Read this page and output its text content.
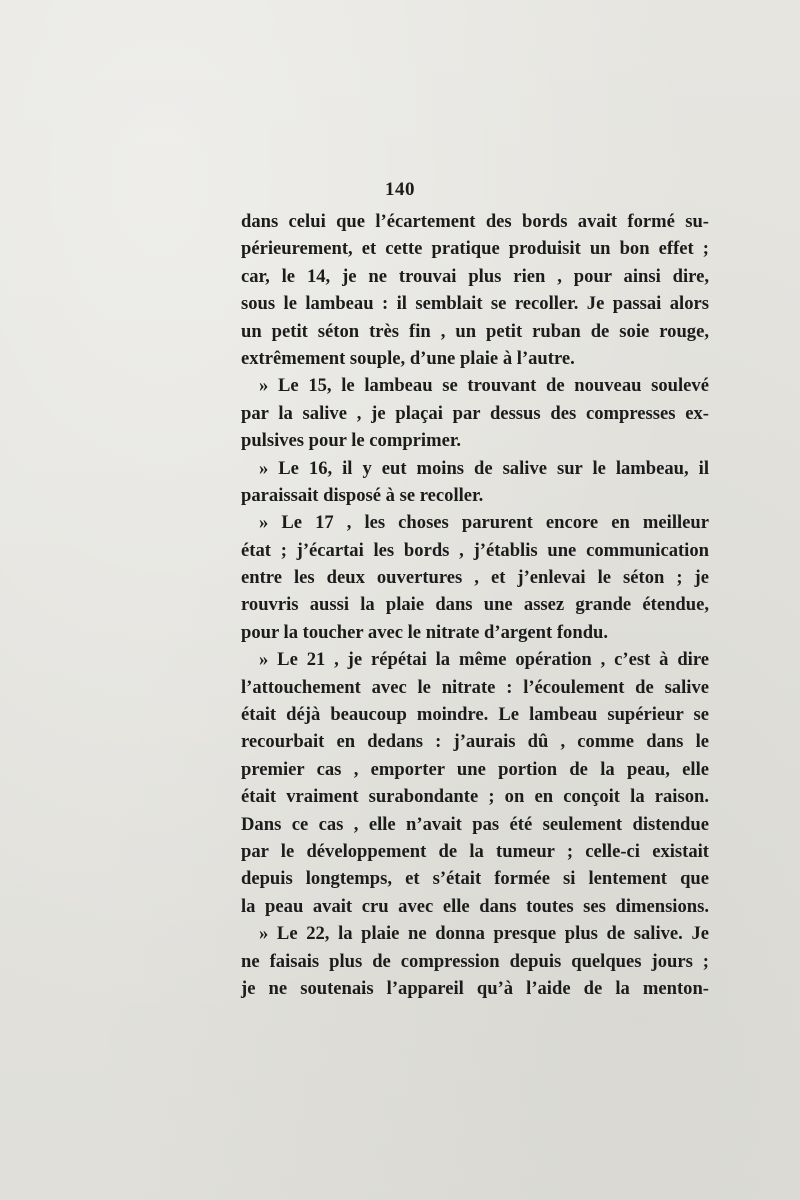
140
dans celui que l’écartement des bords avait formé su-
périeurement, et cette pratique produisit un bon effet ;
car, le 14, je ne trouvai plus rien , pour ainsi dire,
sous le lambeau : il semblait se recoller. Je passai alors
un petit séton très fin , un petit ruban de soie rouge,
extrêmement souple, d’une plaie à l’autre.
» Le 15, le lambeau se trouvant de nouveau soulevé
par la salive , je plaçai par dessus des compresses ex-
pulsives pour le comprimer.
» Le 16, il y eut moins de salive sur le lambeau, il
paraissait disposé à se recoller.
» Le 17 , les choses parurent encore en meilleur
état ; j’écartai les bords , j’établis une communication
entre les deux ouvertures , et j’enlevai le séton ; je
rouvris aussi la plaie dans une assez grande étendue,
pour la toucher avec le nitrate d’argent fondu.
» Le 21 , je répétai la même opération , c’est à dire
l’attouchement avec le nitrate : l’écoulement de salive
était déjà beaucoup moindre. Le lambeau supérieur se
recourbait en dedans : j’aurais dû , comme dans le
premier cas , emporter une portion de la peau, elle
était vraiment surabondante ; on en conçoit la raison.
Dans ce cas , elle n’avait pas été seulement distendue
par le développement de la tumeur ; celle-ci existait
depuis longtemps, et s’était formée si lentement que
la peau avait cru avec elle dans toutes ses dimensions.
» Le 22, la plaie ne donna presque plus de salive. Je
ne faisais plus de compression depuis quelques jours ;
je ne soutenais l’appareil qu’à l’aide de la menton-
